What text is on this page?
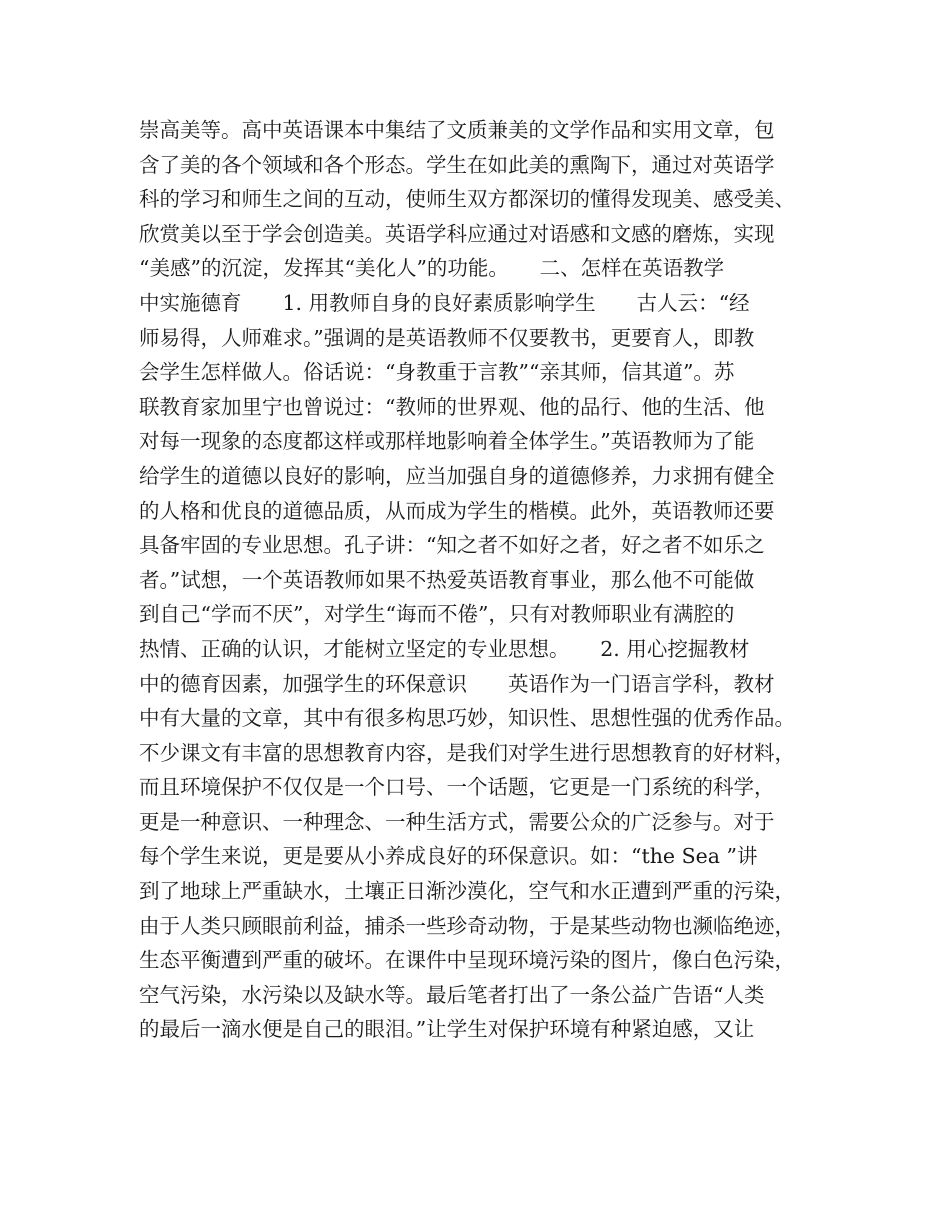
崇高美等。高中英语课本中集结了文质兼美的文学作品和实用文章，包
含了美的各个领域和各个形态。学生在如此美的熏陶下，通过对英语学
科的学习和师生之间的互动，使师生双方都深切的懂得发现美、感受美、
欣赏美以至于学会创造美。英语学科应通过对语感和文感的磨炼，实现
“美感”的沉淀，发挥其“美化人”的功能。　　二、怎样在英语教学
中实施德育　　1. 用教师自身的良好素质影响学生　　古人云：“经
师易得，人师难求。”强调的是英语教师不仅要教书，更要育人，即教
会学生怎样做人。俗话说：“身教重于言教”“亲其师，信其道”。苏
联教育家加里宁也曾说过：“教师的世界观、他的品行、他的生活、他
对每一现象的态度都这样或那样地影响着全体学生。”英语教师为了能
给学生的道德以良好的影响，应当加强自身的道德修养，力求拥有健全
的人格和优良的道德品质，从而成为学生的楷模。此外，英语教师还要
具备牢固的专业思想。孔子讲：“知之者不如好之者，好之者不如乐之
者。”试想，一个英语教师如果不热爱英语教育事业，那么他不可能做
到自己“学而不厌”，对学生“诲而不倦”，只有对教师职业有满腔的
热情、正确的认识，才能树立坚定的专业思想。　　2. 用心挖掘教材
中的德育因素，加强学生的环保意识　　英语作为一门语言学科，教材
中有大量的文章，其中有很多构思巧妙，知识性、思想性强的优秀作品。
不少课文有丰富的思想教育内容，是我们对学生进行思想教育的好材料，
而且环境保护不仅仅是一个口号、一个话题，它更是一门系统的科学，
更是一种意识、一种理念、一种生活方式，需要公众的广泛参与。对于
每个学生来说，更是要从小养成良好的环保意识。如：“the Sea ”讲
到了地球上严重缺水，土壤正日渐沙漠化，空气和水正遭到严重的污染，
由于人类只顾眼前利益，捕杀一些珍奇动物，于是某些动物也濒临绝迹，
生态平衡遭到严重的破坏。在课件中呈现环境污染的图片，像白色污染，
空气污染，水污染以及缺水等。最后笔者打出了一条公益广告语“人类
的最后一滴水便是自己的眼泪。”让学生对保护环境有种紧迫感，又让
